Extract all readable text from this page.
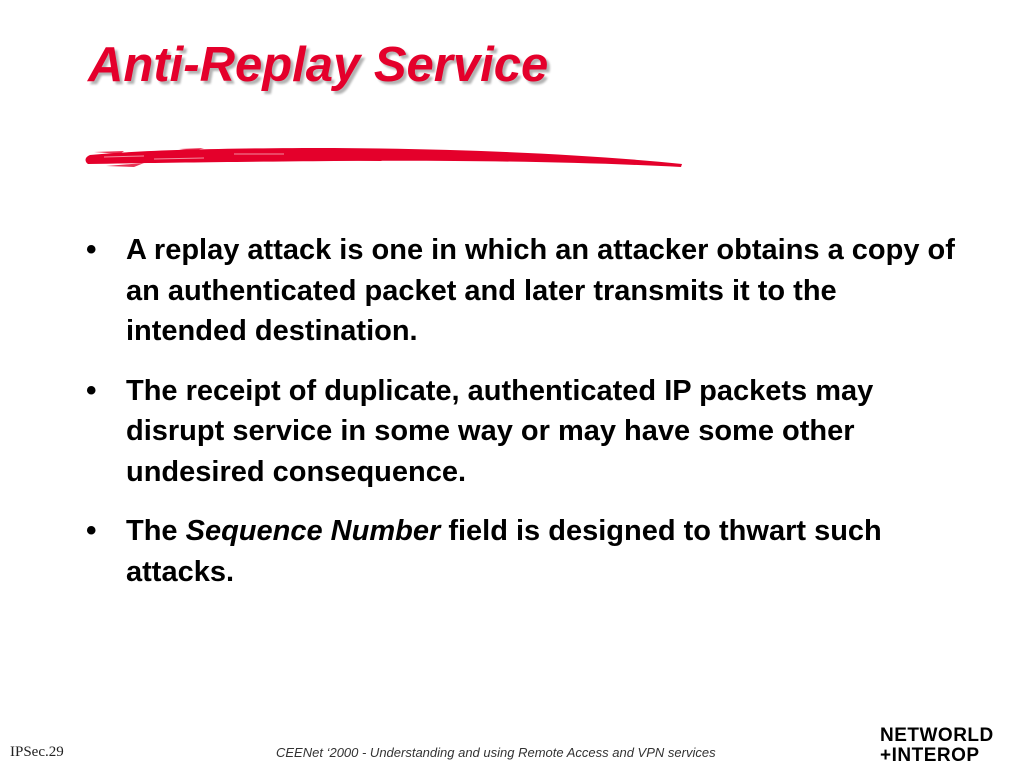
Anti-Replay Service
• A replay attack is one in which an attacker obtains a copy of an authenticated packet and later transmits it to the intended destination.
• The receipt of duplicate, authenticated IP packets may disrupt service in some way or may have some other undesired consequence.
• The Sequence Number field is designed to thwart such attacks.
IPSec.29	CEENet ‘2000 - Understanding and using Remote Access and VPN services
NETWORLD
+INTEROP
